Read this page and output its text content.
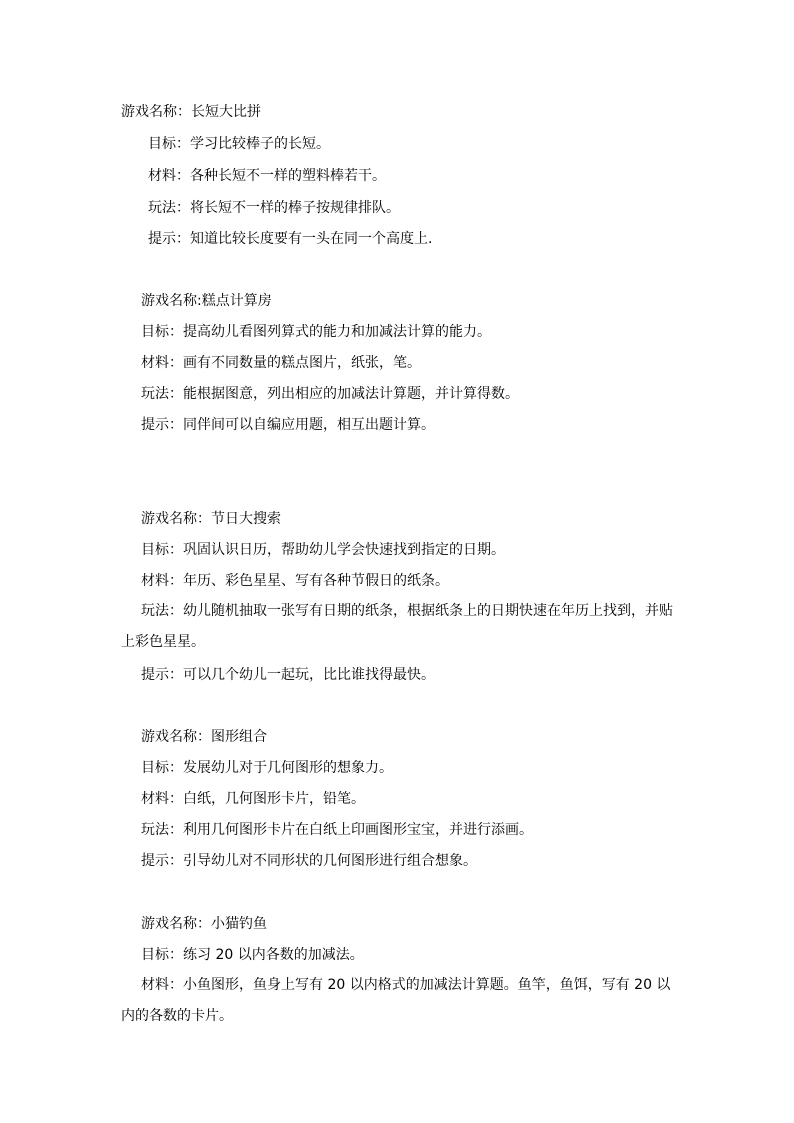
游戏名称：长短大比拼
目标：学习比较棒子的长短。
材料：各种长短不一样的塑料棒若干。
玩法：将长短不一样的棒子按规律排队。
提示：知道比较长度要有一头在同一个高度上.
游戏名称:糕点计算房
目标：提高幼儿看图列算式的能力和加减法计算的能力。
材料：画有不同数量的糕点图片，纸张，笔。
玩法：能根据图意，列出相应的加减法计算题，并计算得数。
提示：同伴间可以自编应用题，相互出题计算。
游戏名称：节日大搜索
目标：巩固认识日历，帮助幼儿学会快速找到指定的日期。
材料：年历、彩色星星、写有各种节假日的纸条。
玩法：幼儿随机抽取一张写有日期的纸条，根据纸条上的日期快速在年历上找到，并贴上彩色星星。
提示：可以几个幼儿一起玩，比比谁找得最快。
游戏名称：图形组合
目标：发展幼儿对于几何图形的想象力。
材料：白纸，几何图形卡片，铅笔。
玩法：利用几何图形卡片在白纸上印画图形宝宝，并进行添画。
提示：引导幼儿对不同形状的几何图形进行组合想象。
游戏名称：小猫钓鱼
目标：练习 20 以内各数的加减法。
材料：小鱼图形，鱼身上写有 20 以内格式的加减法计算题。鱼竿，鱼饵，写有 20 以内的各数的卡片。
